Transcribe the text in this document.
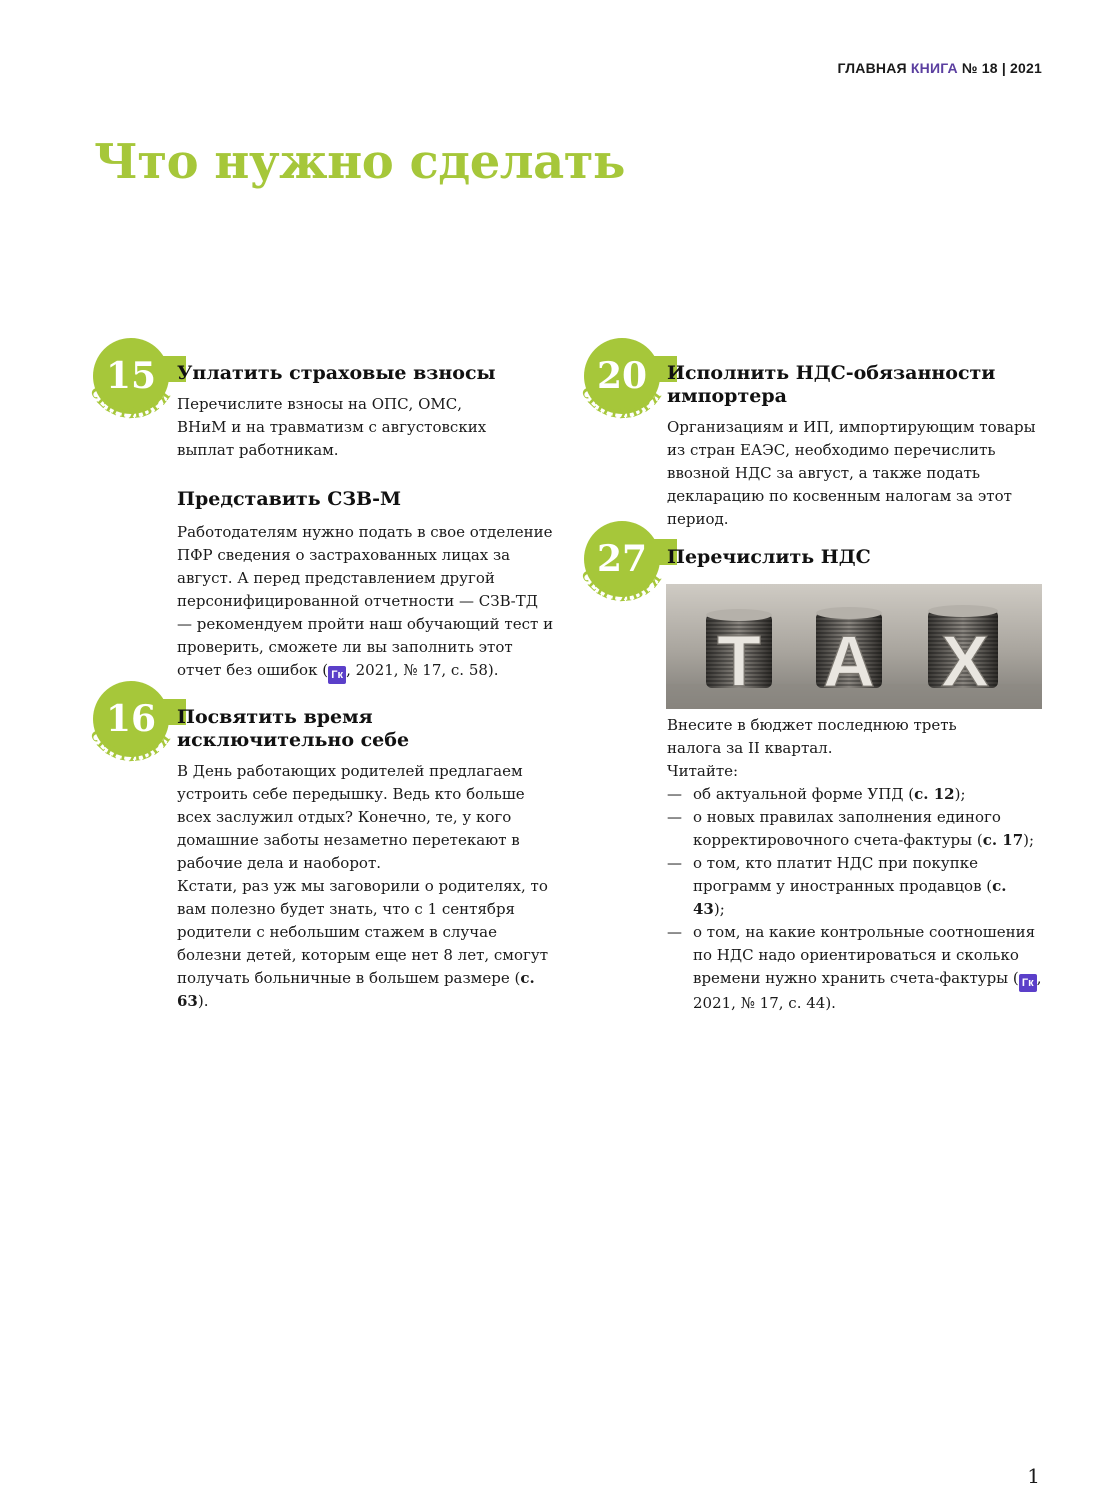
ГЛАВНАЯ КНИГА № 18 | 2021
Что нужно сделать
15
СЕНТЯБРЯ
Уплатить страховые взносы

Перечислите взносы на ОПС, ОМС, ВНиМ и на травматизм с августовских выплат работникам.

Представить СЗВ-М

Работодателям нужно подать в свое отделение ПФР сведения о застрахованных лицах за август. А перед представлением другой персонифицированной отчетности — СЗВ-ТД — рекомендуем пройти наш обучающий тест и проверить, сможете ли вы заполнить этот отчет без ошибок ( Гк , 2021, № 17, с. 58).

16
СЕНТЯБРЯ
Посвятить время исключительно себе

В День работающих родителей предлагаем устроить себе передышку. Ведь кто больше всех заслужил отдых? Конечно, те, у кого домашние заботы незаметно перетекают в рабочие дела и наоборот.

Кстати, раз уж мы заговорили о родителях, то вам полезно будет знать, что с 1 сентября родители с небольшим стажем в случае болезни детей, которым еще нет 8 лет, смогут получать больничные в большем размере (с. 63).

20
СЕНТЯБРЯ
Исполнить НДС-обязанности импортера

Организациям и ИП, импортирующим товары из стран ЕАЭС, необходимо перечислить ввозной НДС за август, а также подать декларацию по косвенным налогам за этот период.

27
СЕНТЯБРЯ
Перечислить НДС
T A X

Внесите в бюджет последнюю треть налога за II квартал.

Читайте:

— об актуальной форме УПД (с. 12);
— о новых правилах заполнения единого корректировочного счета-фактуры (с. 17);
— о том, кто платит НДС при покупке программ у иностранных продавцов (с. 43);
— о том, на какие контрольные соотношения по НДС надо ориентироваться и сколько времени нужно хранить счета-фактуры ( Гк , 2021, № 17, с. 44).
1
